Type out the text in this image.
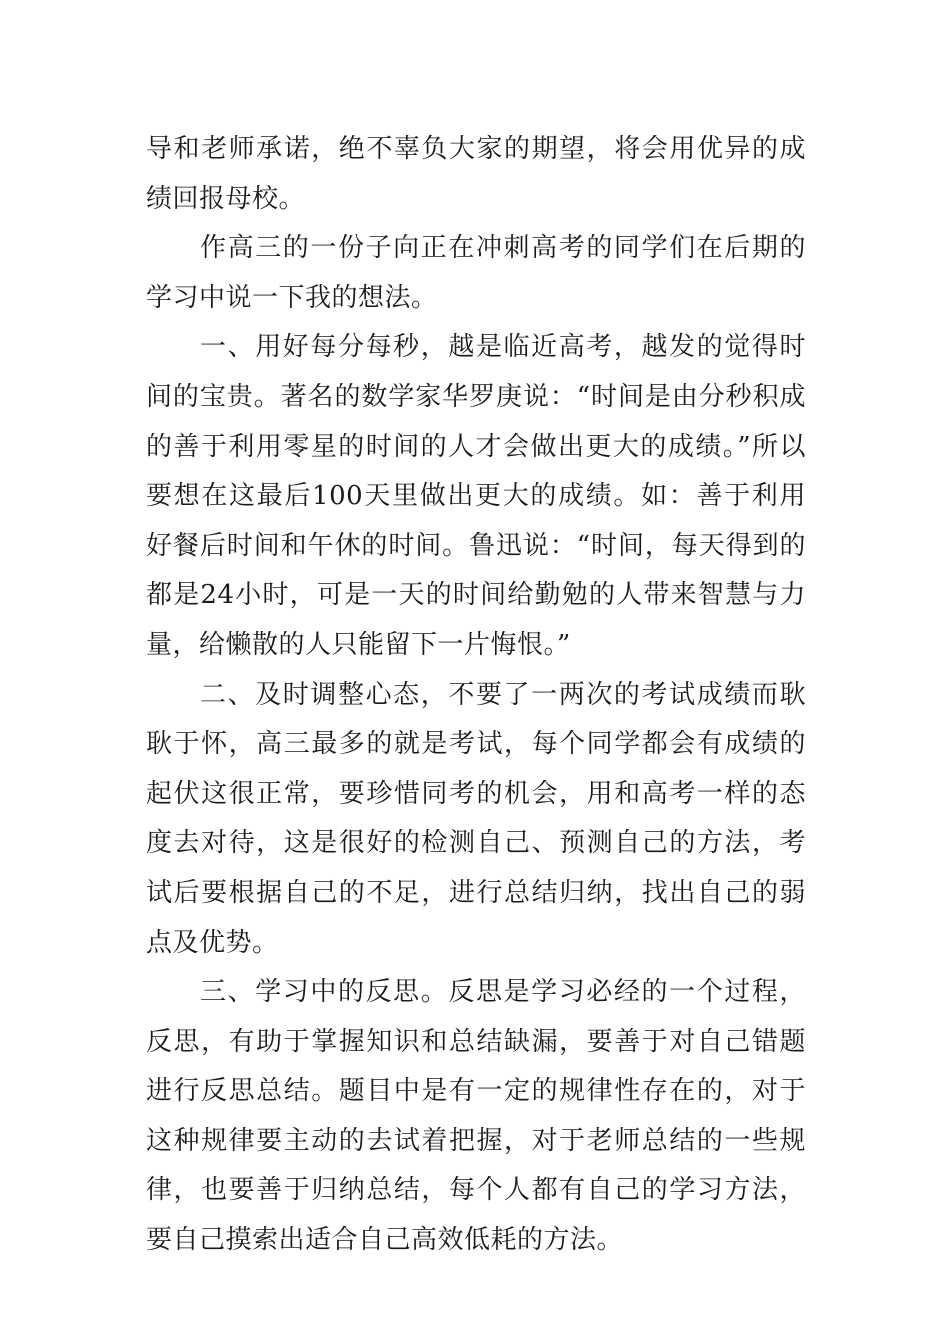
导和老师承诺，绝不辜负大家的期望，将会用优异的成绩回报母校。

作高三的一份子向正在冲刺高考的同学们在后期的学习中说一下我的想法。

一、用好每分每秒，越是临近高考，越发的觉得时间的宝贵。著名的数学家华罗庚说：“时间是由分秒积成的善于利用零星的时间的人才会做出更大的成绩。”所以要想在这最后100天里做出更大的成绩。如：善于利用好餐后时间和午休的时间。鲁迅说：“时间，每天得到的都是24小时，可是一天的时间给勤勉的人带来智慧与力量，给懒散的人只能留下一片悔恨。”

二、及时调整心态，不要了一两次的考试成绩而耿耿于怀，高三最多的就是考试，每个同学都会有成绩的起伏这很正常，要珍惜同考的机会，用和高考一样的态度去对待，这是很好的检测自己、预测自己的方法，考试后要根据自己的不足，进行总结归纳，找出自己的弱点及优势。

三、学习中的反思。反思是学习必经的一个过程，反思，有助于掌握知识和总结缺漏，要善于对自己错题进行反思总结。题目中是有一定的规律性存在的，对于这种规律要主动的去试着把握，对于老师总结的一些规律，也要善于归纳总结，每个人都有自己的学习方法，要自己摸索出适合自己高效低耗的方法。
